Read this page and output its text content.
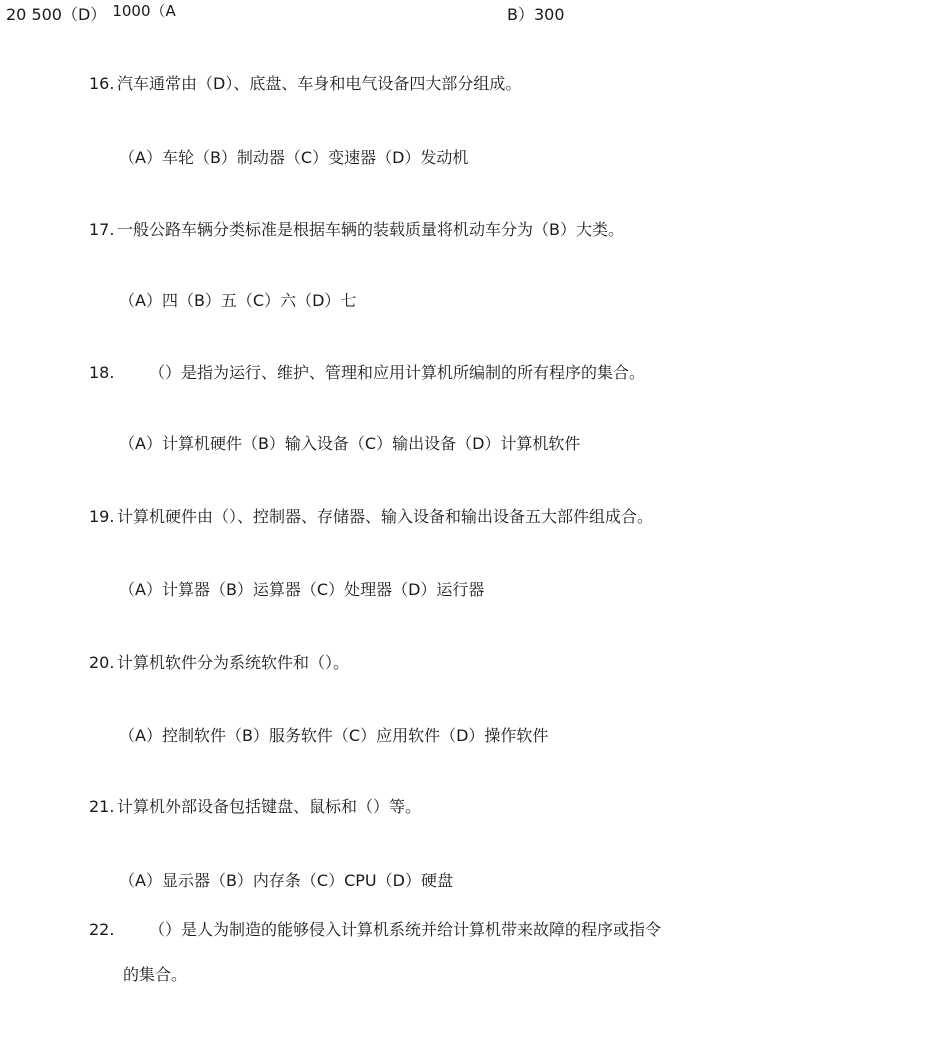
20 500（D） 1000（A	B）300
16. 汽车通常由（D）、底盘、车身和电气设备四大部分组成。
（A）车轮（B）制动器（C）变速器（D）发动机
17. 一般公路车辆分类标准是根据车辆的装载质量将机动车分为（B）大类。
（A）四（B）五（C）六（D）七
18. （）是指为运行、维护、管理和应用计算机所编制的所有程序的集合。
（A）计算机硬件（B）输入设备（C）输出设备（D）计算机软件
19. 计算机硬件由（）、控制器、存储器、输入设备和输出设备五大部件组成合。
（A）计算器（B）运算器（C）处理器（D）运行器
20. 计算机软件分为系统软件和（）。
（A）控制软件（B）服务软件（C）应用软件（D）操作软件
21. 计算机外部设备包括键盘、鼠标和（）等。
（A）显示器（B）内存条（C）CPU（D）硬盘
22. （）是人为制造的能够侵入计算机系统并给计算机带来故障的程序或指令
的集合。
